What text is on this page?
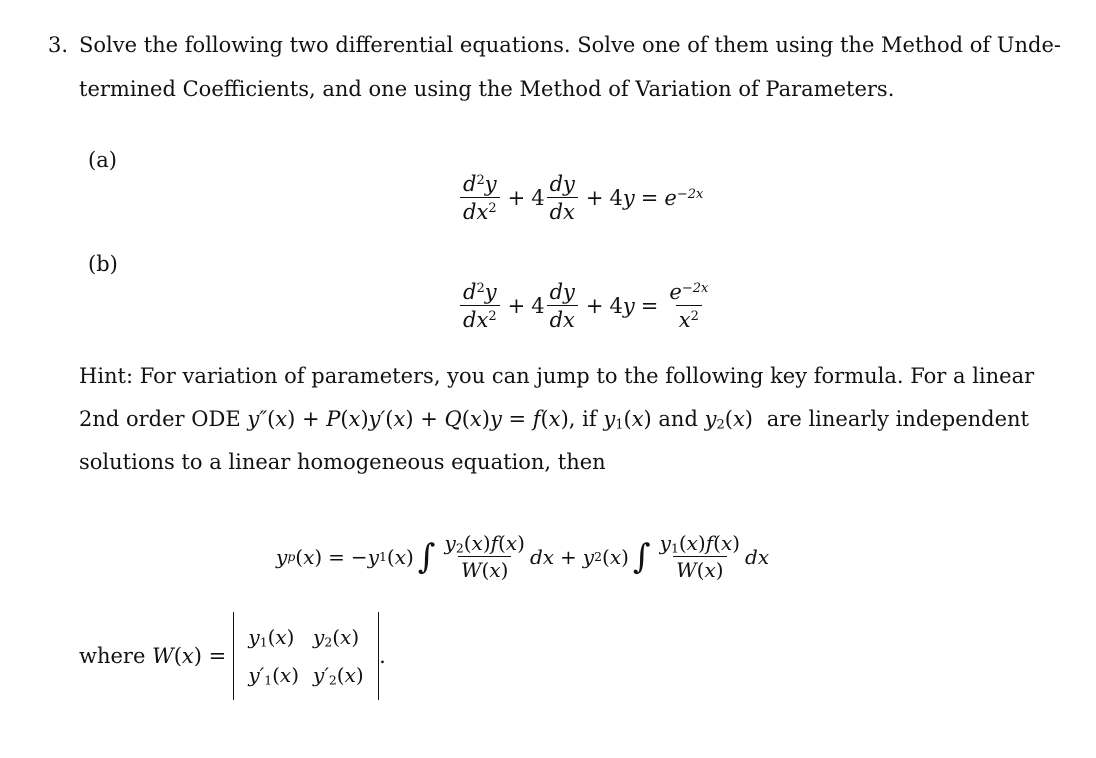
3. Solve the following two differential equations. Solve one of them using the Method of Unde-
termined Coefficients, and one using the Method of Variation of Parameters.
(a)
$\frac{d^2y}{dx^2} + 4 \frac{dy}{dx} + 4$ $y = e^{-2x}$
(b)
$\frac{d^2y}{dx^2} + 4 \frac{dy}{dx} + 4$ $y = \frac{e^{-2x}}{x^2}$
Hint: For variation of parameters, you can jump to the following key formula. For a linear
2nd order ODE y″(x) + P(x)y′(x) + Q(x)y = f(x), if $y_1(x)$ and $y_2(x)$ are linearly independent
solutions to a linear homogeneous equation, then
y p ( x ) = − y 1 ( x ) ∫ $\frac{y_2(x)f(x)}{W(x)}$ dx + y 2 ( x ) ∫ $\frac{y_1(x)f(x)}{W(x)}$ dx
where
W ( x ) =
$y_1(x)$ $y_2(x)$
$y'_1(x)$ $y'_2(x)$
.
